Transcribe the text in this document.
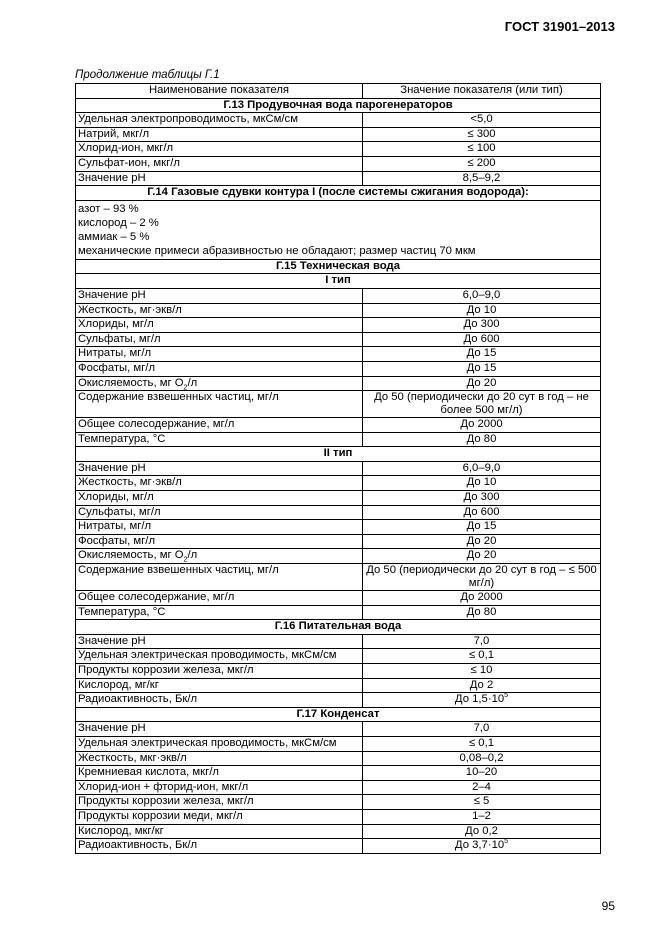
ГОСТ 31901–2013
Продолжение таблицы Г.1
Наименование показателя	Значение показателя (или тип)
Г.13 Продувочная вода парогенераторов	
Удельная электропроводимость, мкСм/см	<5,0
Натрий, мкг/л	≤ 300
Хлорид-ион, мкг/л	≤ 100
Сульфат-ион, мкг/л	≤ 200
Значение pH	8,5–9,2
Г.14 Газовые сдувки контура I (после системы сжигания водорода):	

азот – 93 %
кислород – 2 %
аммиак – 5 %
механические примеси абразивностью не обладают; размер частиц 70 мкм	

Г.15 Техническая вода	
I тип	
Значение pH	6,0–9,0
Жесткость, мг·экв/л	До 10
Хлориды, мг/л	До 300
Сульфаты, мг/л	До 600
Нитраты, мг/л	До 15
Фосфаты, мг/л	До 15
Окисляемость, мг $O_2/л$	До 20
Содержание взвешенных частиц, мг/л	До 50 (периодически до 20 сут в год – не более 500 мг/л)
Общее солесодержание, мг/л	До 2000
Температура, °С	До 80
II тип	
Значение pH	6,0–9,0
Жесткость, мг·экв/л	До 10
Хлориды, мг/л	До 300
Сульфаты, мг/л	До 600
Нитраты, мг/л	До 15
Фосфаты, мг/л	До 20
Окисляемость, мг $O_2/л$	До 20
Содержание взвешенных частиц, мг/л	До 50 (периодически до 20 сут в год – ≤ 500 мг/л)
Общее солесодержание, мг/л	До 2000
Температура, °С	До 80
Г.16 Питательная вода	
Значение pH	7,0
Удельная электрическая проводимость, мкСм/см	≤ 0,1
Продукты коррозии железа, мкг/л	≤ 10
Кислород, мг/кг	До 2
Радиоактивность, Бк/л	До $1,5\cdot 10^5$
Г.17 Конденсат	
Значение pH	7,0
Удельная электрическая проводимость, мкСм/см	≤ 0,1
Жесткость, мкг·экв/л	0,08–0,2
Кремниевая кислота, мкг/л	10–20
Хлорид-ион + фторид-ион, мкг/л	2–4
Продукты коррозии железа, мкг/л	≤ 5
Продукты коррозии меди, мкг/л	1–2
Кислород, мкг/кг	До 0,2
Радиоактивность, Бк/л	До $3,7\cdot 10^5$
95
